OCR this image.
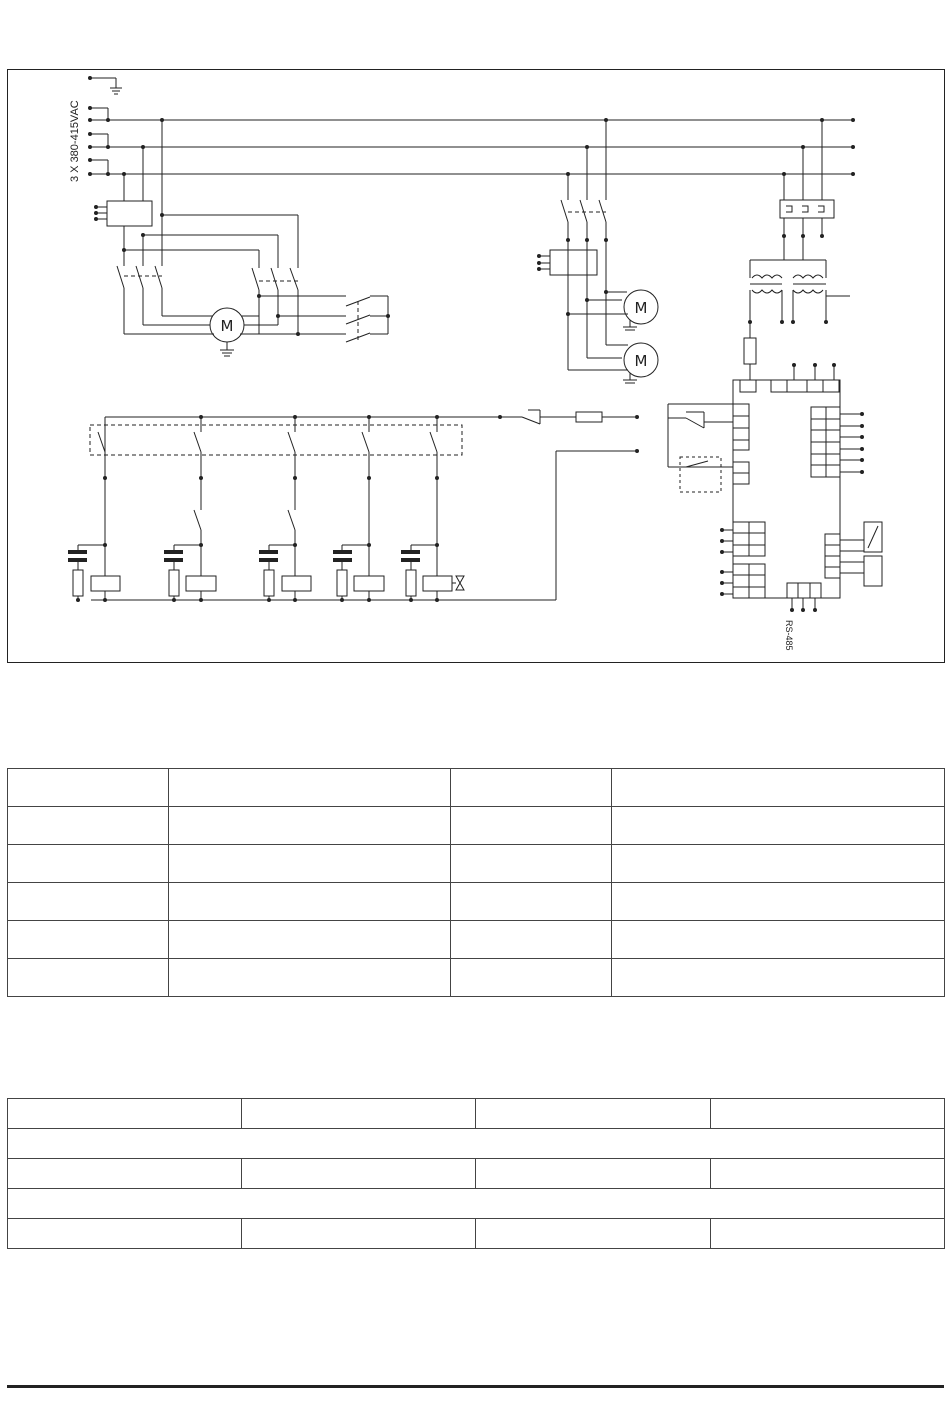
3 X 380-415VAC
M
M
M
RS-485
